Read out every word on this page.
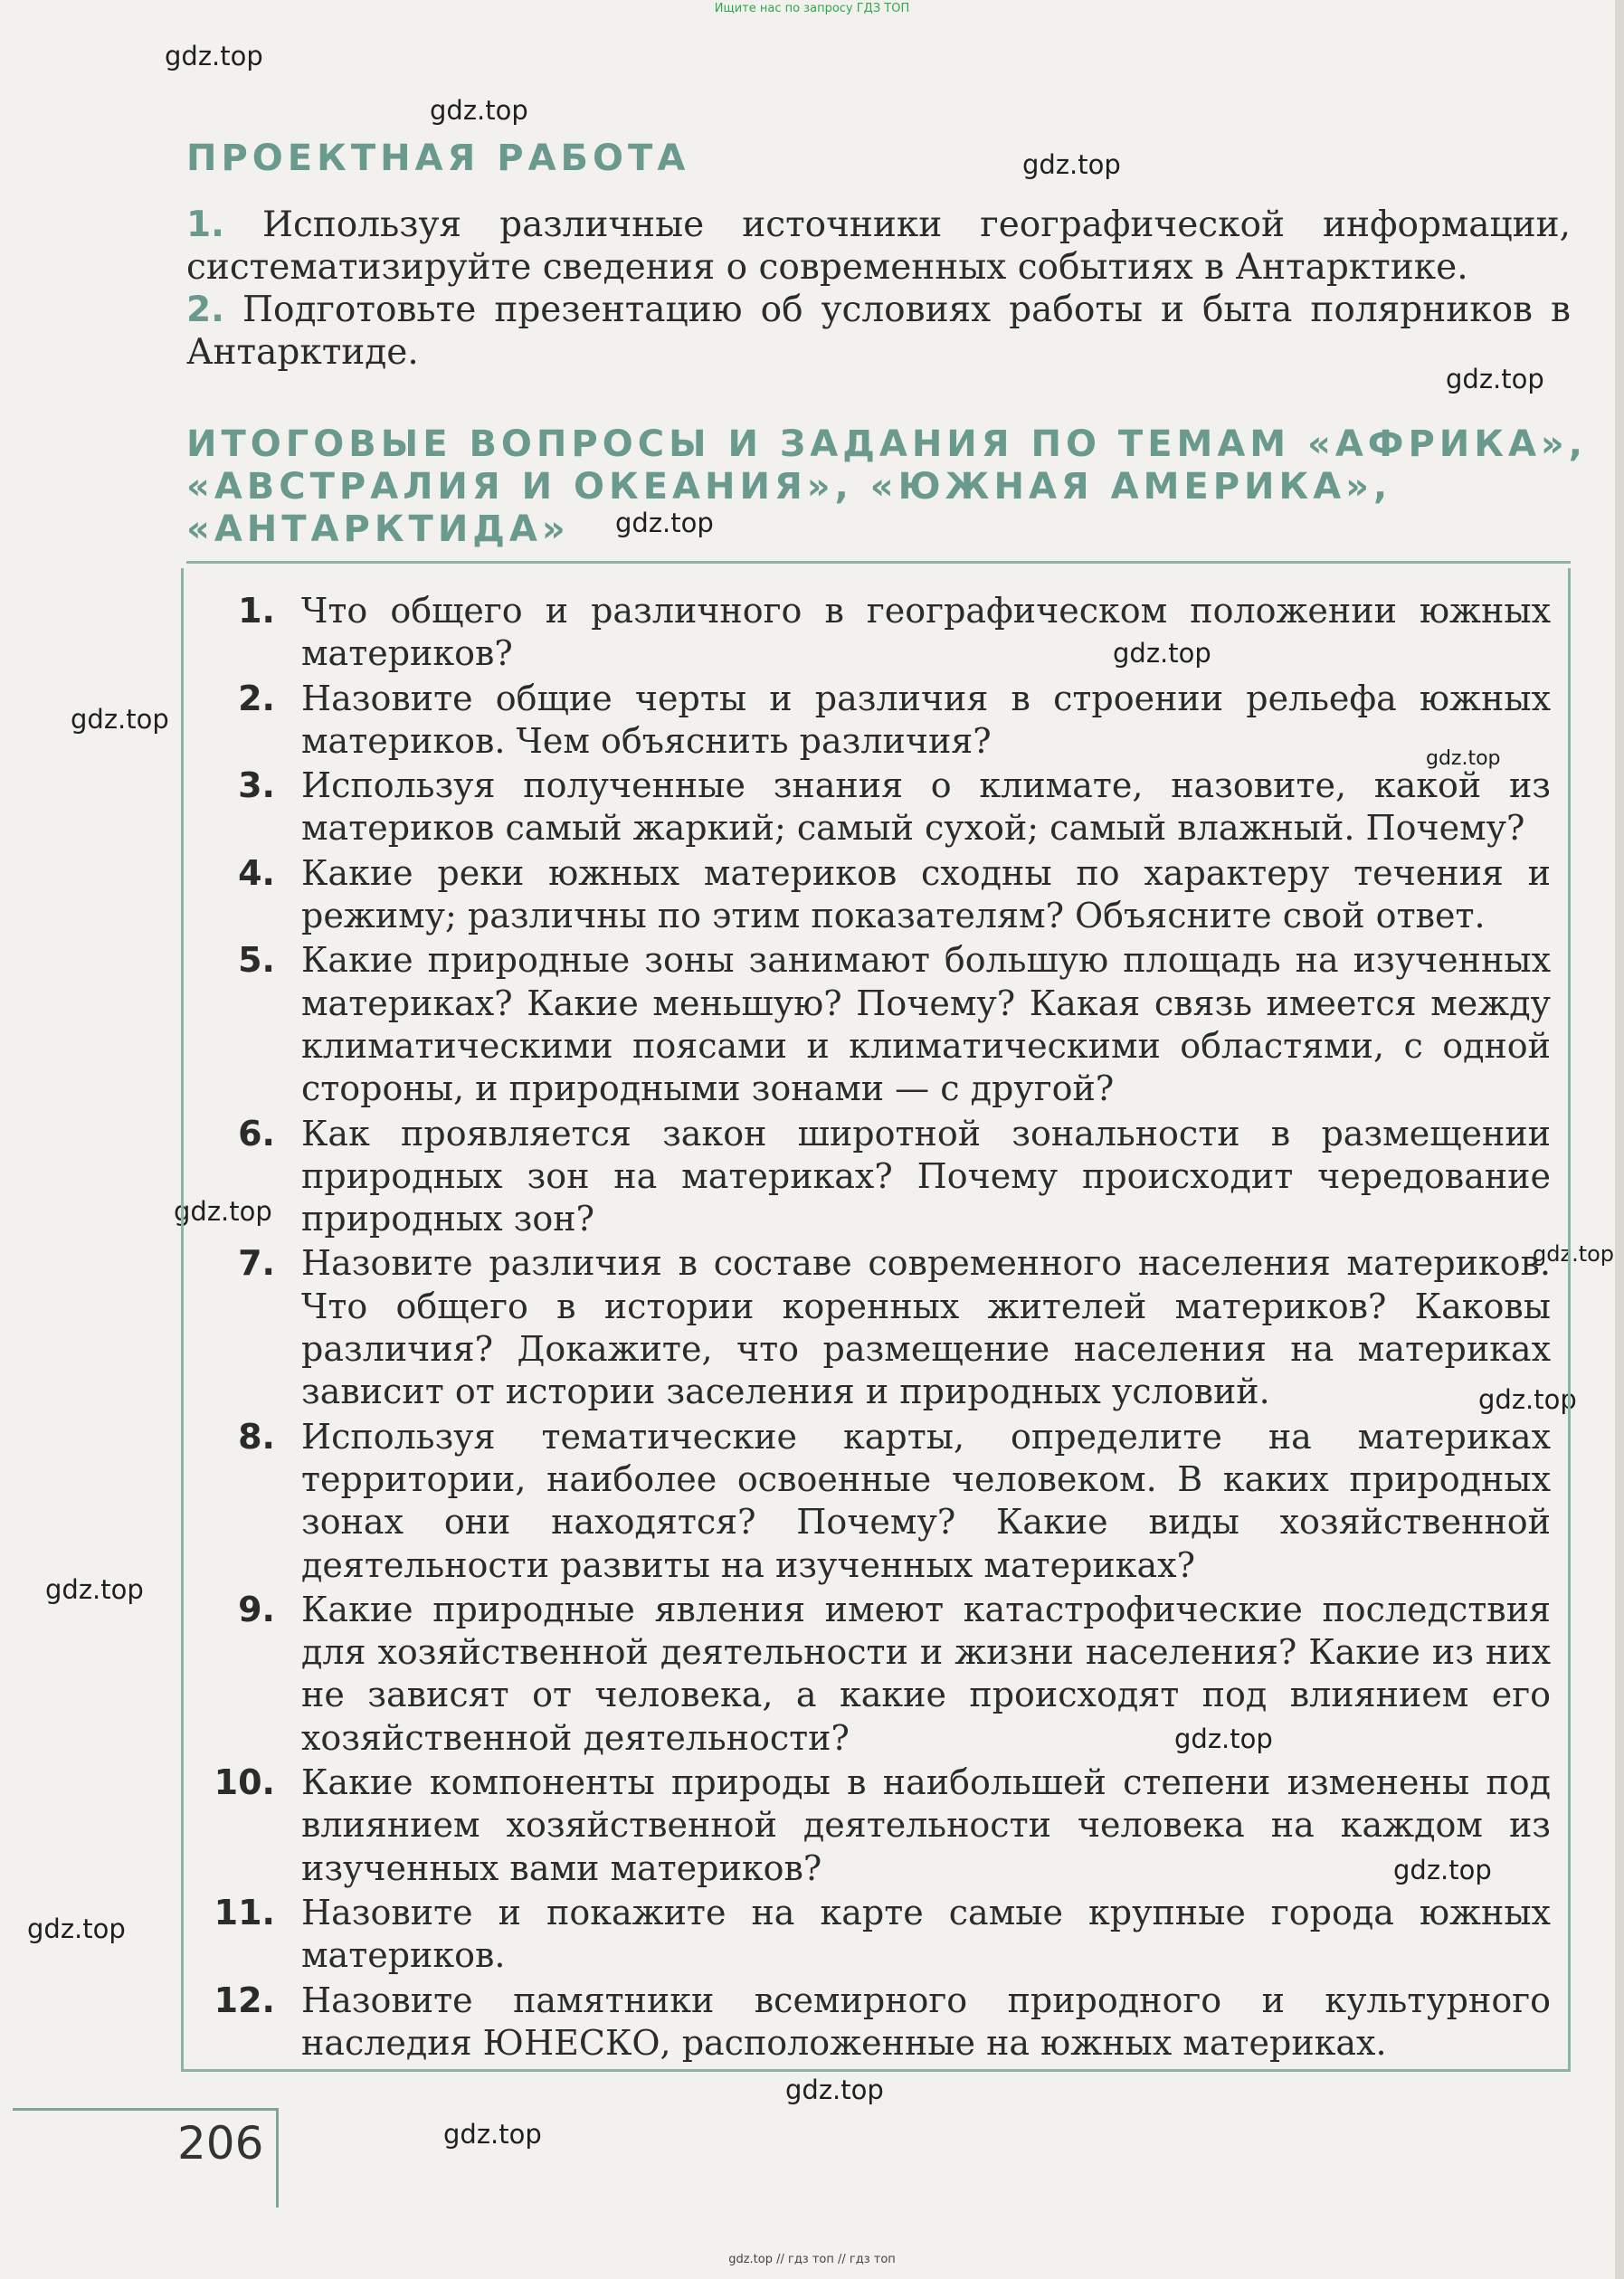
Ищите нас по запросу ГДЗ ТОП
gdz.top
gdz.top
gdz.top
gdz.top
gdz.top
gdz.top
gdz.top
gdz.top
gdz.top
gdz.top
gdz.top
gdz.top
gdz.top
gdz.top
gdz.top
gdz.top
gdz.top
ПРОЕКТНАЯ РАБОТА
1. Используя различные источники географической информации, систематизируйте сведения о современных событиях в Антарктике.
2. Подготовьте презентацию об условиях работы и быта полярников в Антарктиде.
ИТОГОВЫЕ ВОПРОСЫ И ЗАДАНИЯ ПО ТЕМАМ «АФРИКА»,
«АВСТРАЛИЯ И ОКЕАНИЯ», «ЮЖНАЯ АМЕРИКА»,
«АНТАРКТИДА»
1. Что общего и различного в географическом положении южных материков?
2. Назовите общие черты и различия в строении рельефа южных материков. Чем объяснить различия?
3. Используя полученные знания о климате, назовите, какой из материков самый жаркий; самый сухой; самый влажный. Почему?
4. Какие реки южных материков сходны по характеру течения и режиму; различны по этим показателям? Объясните свой ответ.
5. Какие природные зоны занимают большую площадь на изученных материках? Какие меньшую? Почему? Какая связь имеется между климатическими поясами и климатическими областями, с одной стороны, и природными зонами — с другой?
6. Как проявляется закон широтной зональности в размещении природных зон на материках? Почему происходит чередование природных зон?
7. Назовите различия в составе современного населения материков. Что общего в истории коренных жителей материков? Каковы различия? Докажите, что размещение населения на материках зависит от истории заселения и природных условий.
8. Используя тематические карты, определите на материках территории, наиболее освоенные человеком. В каких природных зонах они находятся? Почему? Какие виды хозяйственной деятельности развиты на изученных материках?
9. Какие природные явления имеют катастрофические последствия для хозяйственной деятельности и жизни населения? Какие из них не зависят от человека, а какие происходят под влиянием его хозяйственной деятельности?
10. Какие компоненты природы в наибольшей степени изменены под влиянием хозяйственной деятельности человека на каждом из изученных вами материков?
11. Назовите и покажите на карте самые крупные города южных материков.
12. Назовите памятники всемирного природного и культурного наследия ЮНЕСКО, расположенные на южных материках.
206
gdz.top // гдз топ // гдз топ
